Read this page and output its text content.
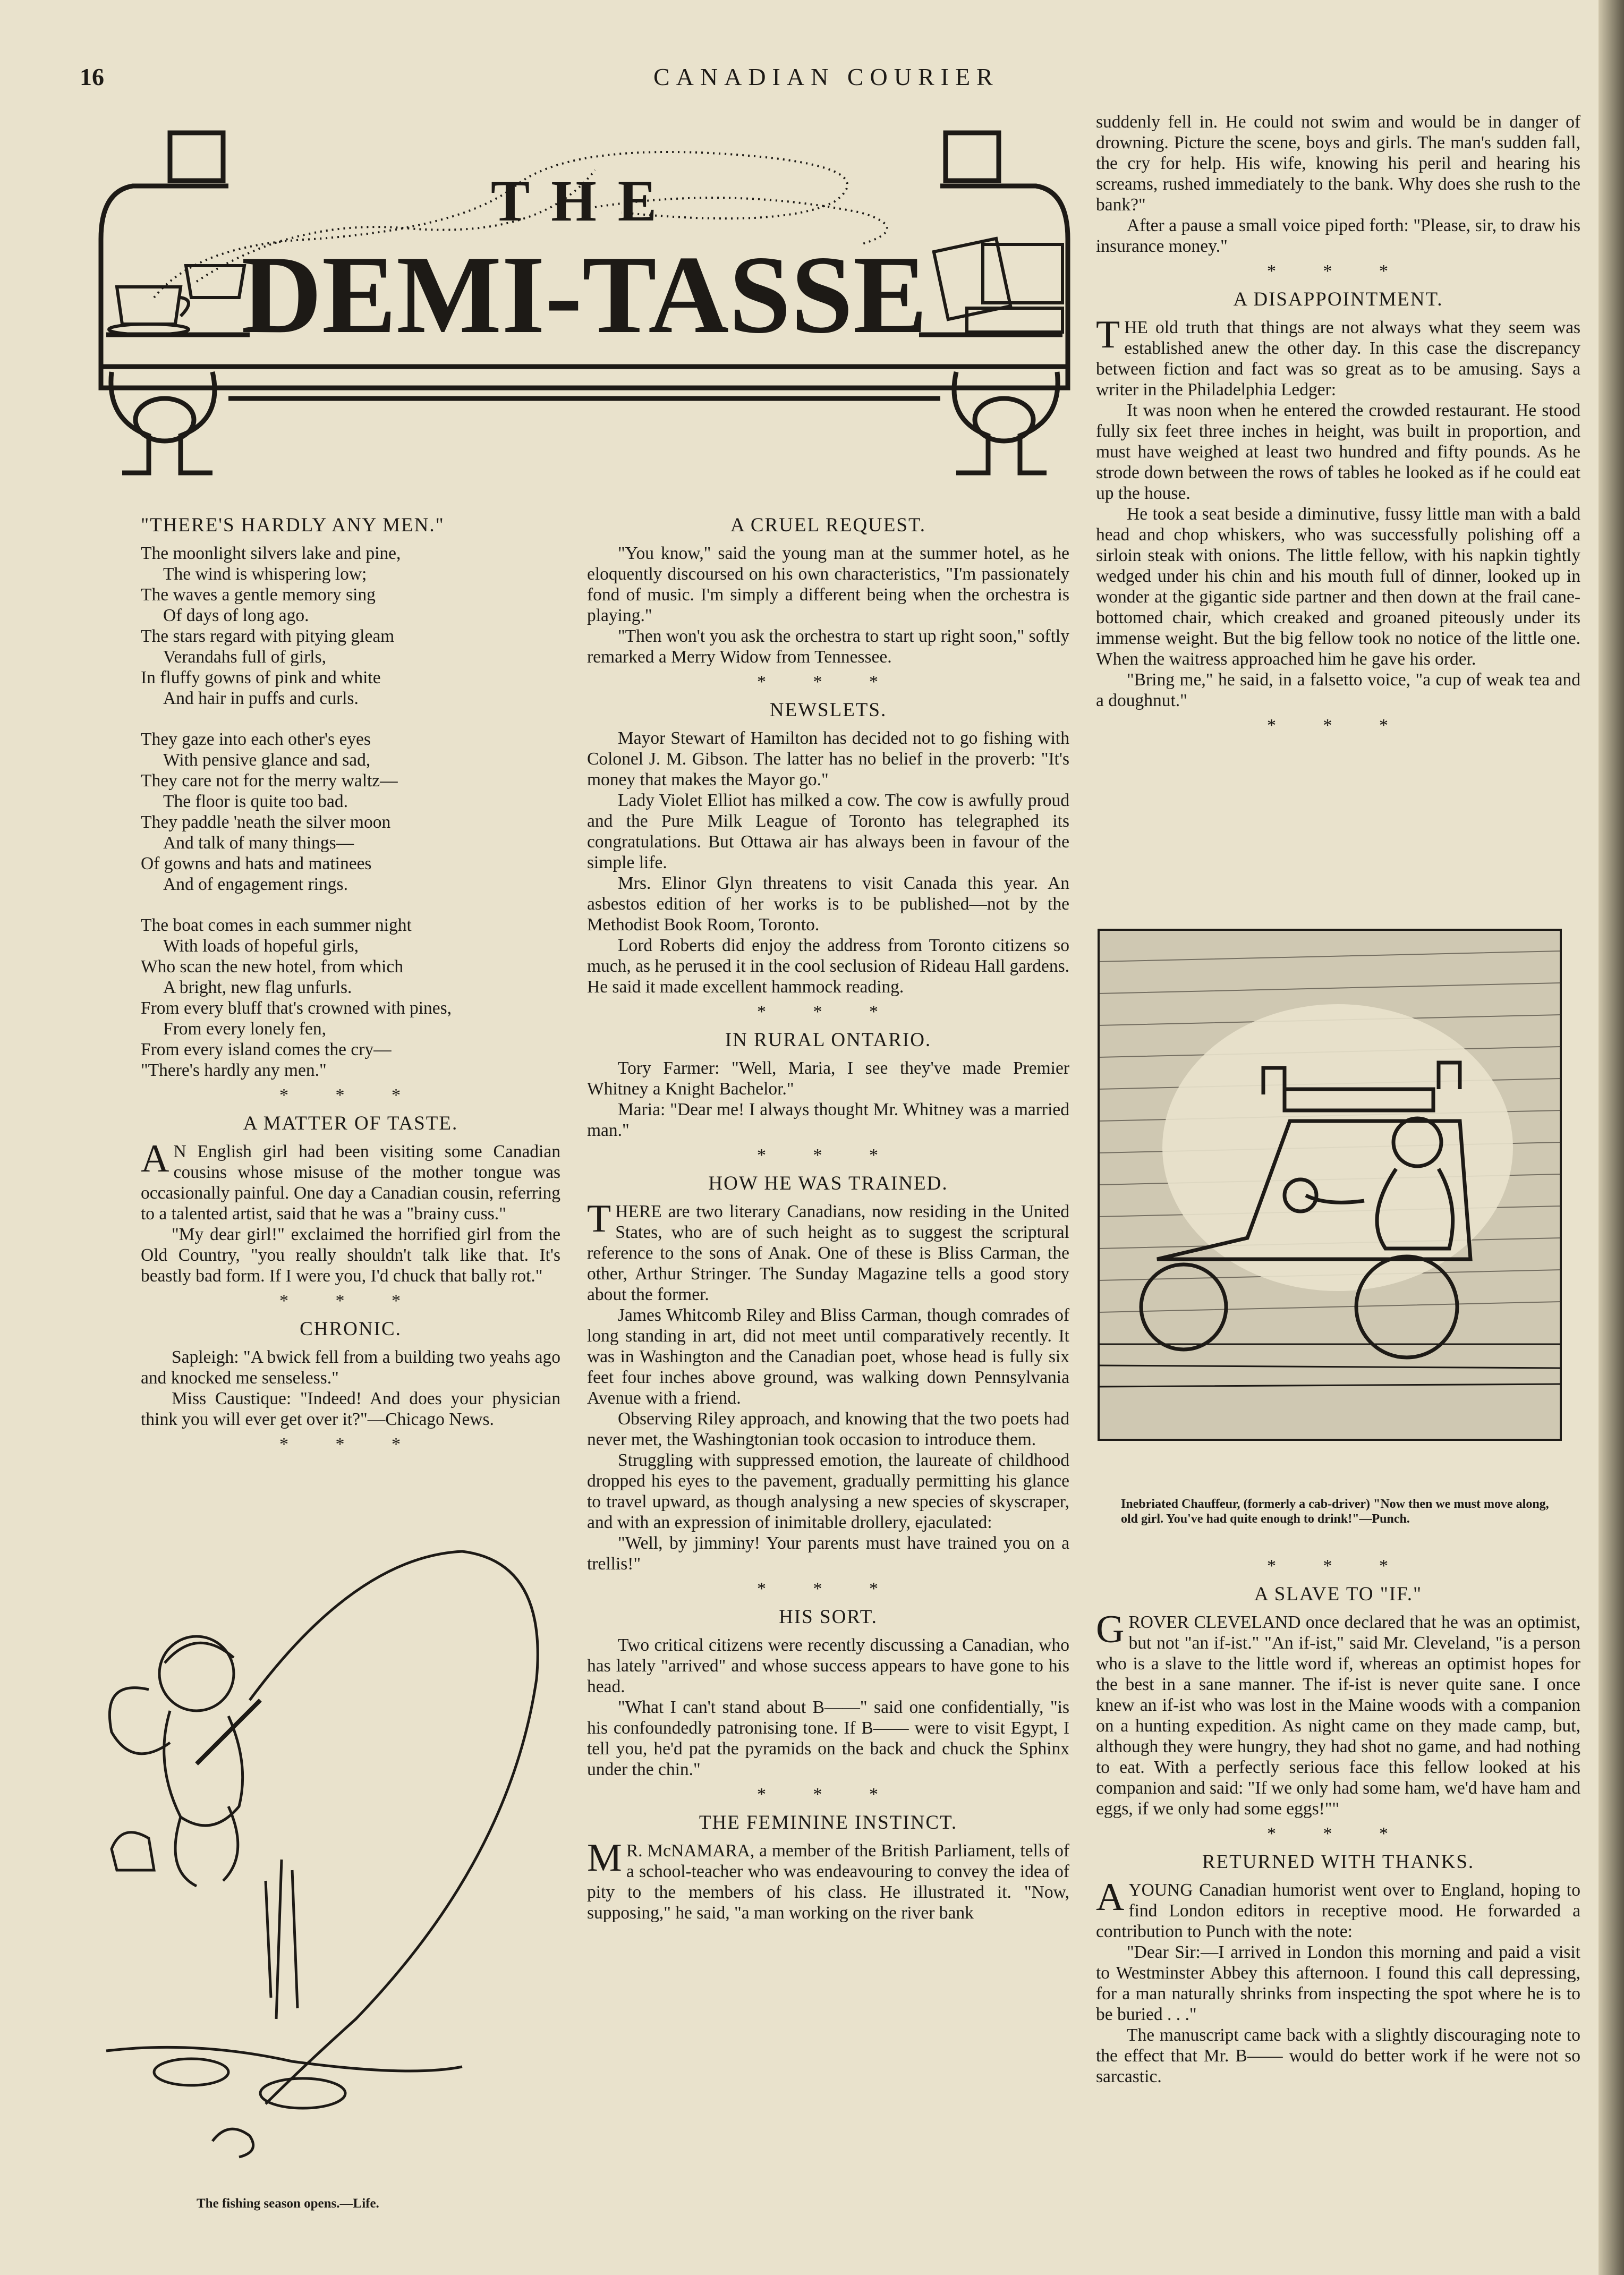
16	CANADIAN COURIER
THE
DEMI-TASSE
"THERE'S HARDLY ANY MEN."
The moonlight silvers lake and pine,
The wind is whispering low;
The waves a gentle memory sing
Of days of long ago.
The stars regard with pitying gleam
Verandahs full of girls,
In fluffy gowns of pink and white
And hair in puffs and curls.
They gaze into each other's eyes
With pensive glance and sad,
They care not for the merry waltz—
The floor is quite too bad.
They paddle 'neath the silver moon
And talk of many things—
Of gowns and hats and matinees
And of engagement rings.
The boat comes in each summer night
With loads of hopeful girls,
Who scan the new hotel, from which
A bright, new flag unfurls.
From every bluff that's crowned with pines,
From every lonely fen,
From every island comes the cry—
"There's hardly any men."
* * *
A MATTER OF TASTE.

A N English girl had been visiting some Canadian cousins whose misuse of the mother tongue was occasionally painful. One day a Canadian cousin, referring to a talented artist, said that he was a "brainy cuss."

"My dear girl!" exclaimed the horrified girl from the Old Country, "you really shouldn't talk like that. It's beastly bad form. If I were you, I'd chuck that bally rot."

* * *
CHRONIC.

Sapleigh: "A bwick fell from a building two yeahs ago and knocked me senseless."

Miss Caustique: "Indeed! And does your physician think you will ever get over it?"—Chicago News.

* * *
The fishing season opens.—Life.
A CRUEL REQUEST.

"You know," said the young man at the summer hotel, as he eloquently discoursed on his own characteristics, "I'm passionately fond of music. I'm simply a different being when the orchestra is playing."

"Then won't you ask the orchestra to start up right soon," softly remarked a Merry Widow from Tennessee.

* * *
NEWSLETS.

Mayor Stewart of Hamilton has decided not to go fishing with Colonel J. M. Gibson. The latter has no belief in the proverb: "It's money that makes the Mayor go."

Lady Violet Elliot has milked a cow. The cow is awfully proud and the Pure Milk League of Toronto has telegraphed its congratulations. But Ottawa air has always been in favour of the simple life.

Mrs. Elinor Glyn threatens to visit Canada this year. An asbestos edition of her works is to be published—not by the Methodist Book Room, Toronto.

Lord Roberts did enjoy the address from Toronto citizens so much, as he perused it in the cool seclusion of Rideau Hall gardens. He said it made excellent hammock reading.

* * *
IN RURAL ONTARIO.

Tory Farmer: "Well, Maria, I see they've made Premier Whitney a Knight Bachelor."

Maria: "Dear me! I always thought Mr. Whitney was a married man."

* * *
HOW HE WAS TRAINED.

THERE are two literary Canadians, now residing in the United States, who are of such height as to suggest the scriptural reference to the sons of Anak. One of these is Bliss Carman, the other, Arthur Stringer. The Sunday Magazine tells a good story about the former.

James Whitcomb Riley and Bliss Carman, though comrades of long standing in art, did not meet until comparatively recently. It was in Washington and the Canadian poet, whose head is fully six feet four inches above ground, was walking down Pennsylvania Avenue with a friend.

Observing Riley approach, and knowing that the two poets had never met, the Washingtonian took occasion to introduce them.

Struggling with suppressed emotion, the laureate of childhood dropped his eyes to the pavement, gradually permitting his glance to travel upward, as though analysing a new species of skyscraper, and with an expression of inimitable drollery, ejaculated:

"Well, by jimminy! Your parents must have trained you on a trellis!"

* * *
HIS SORT.

Two critical citizens were recently discussing a Canadian, who has lately "arrived" and whose success appears to have gone to his head.

"What I can't stand about B——" said one confidentially, "is his confoundedly patronising tone. If B—— were to visit Egypt, I tell you, he'd pat the pyramids on the back and chuck the Sphinx under the chin."

* * *
THE FEMININE INSTINCT.

M R. McNAMARA, a member of the British Parliament, tells of a school-teacher who was endeavouring to convey the idea of pity to the members of his class. He illustrated it. "Now, supposing," he said, "a man working on the river bank

suddenly fell in. He could not swim and would be in danger of drowning. Picture the scene, boys and girls. The man's sudden fall, the cry for help. His wife, knowing his peril and hearing his screams, rushed immediately to the bank. Why does she rush to the bank?"

After a pause a small voice piped forth: "Please, sir, to draw his insurance money."

* * *
A DISAPPOINTMENT.

THE old truth that things are not always what they seem was established anew the other day. In this case the discrepancy between fiction and fact was so great as to be amusing. Says a writer in the Philadelphia Ledger:

It was noon when he entered the crowded restaurant. He stood fully six feet three inches in height, was built in proportion, and must have weighed at least two hundred and fifty pounds. As he strode down between the rows of tables he looked as if he could eat up the house.

He took a seat beside a diminutive, fussy little man with a bald head and chop whiskers, who was successfully polishing off a sirloin steak with onions. The little fellow, with his napkin tightly wedged under his chin and his mouth full of dinner, looked up in wonder at the gigantic side partner and then down at the frail cane-bottomed chair, which creaked and groaned piteously under its immense weight. But the big fellow took no notice of the little one. When the waitress approached him he gave his order.

"Bring me," he said, in a falsetto voice, "a cup of weak tea and a doughnut."

* * *
Inebriated Chauffeur, (formerly a cab-driver) "Now then we must move along, old girl. You've had quite enough to drink!"—Punch.
* * *
A SLAVE TO "IF."

GROVER CLEVELAND once declared that he was an optimist, but not "an if-ist." "An if-ist," said Mr. Cleveland, "is a person who is a slave to the little word if, whereas an optimist hopes for the best in a sane manner. The if-ist is never quite sane. I once knew an if-ist who was lost in the Maine woods with a companion on a hunting expedition. As night came on they made camp, but, although they were hungry, they had shot no game, and had nothing to eat. With a perfectly serious face this fellow looked at his companion and said: "If we only had some ham, we'd have ham and eggs, if we only had some eggs!""

* * *
RETURNED WITH THANKS.

AYOUNG Canadian humorist went over to England, hoping to find London editors in receptive mood. He forwarded a contribution to Punch with the note:

"Dear Sir:—I arrived in London this morning and paid a visit to Westminster Abbey this afternoon. I found this call depressing, for a man naturally shrinks from inspecting the spot where he is to be buried . . ."

The manuscript came back with a slightly discouraging note to the effect that Mr. B—— would do better work if he were not so sarcastic.
